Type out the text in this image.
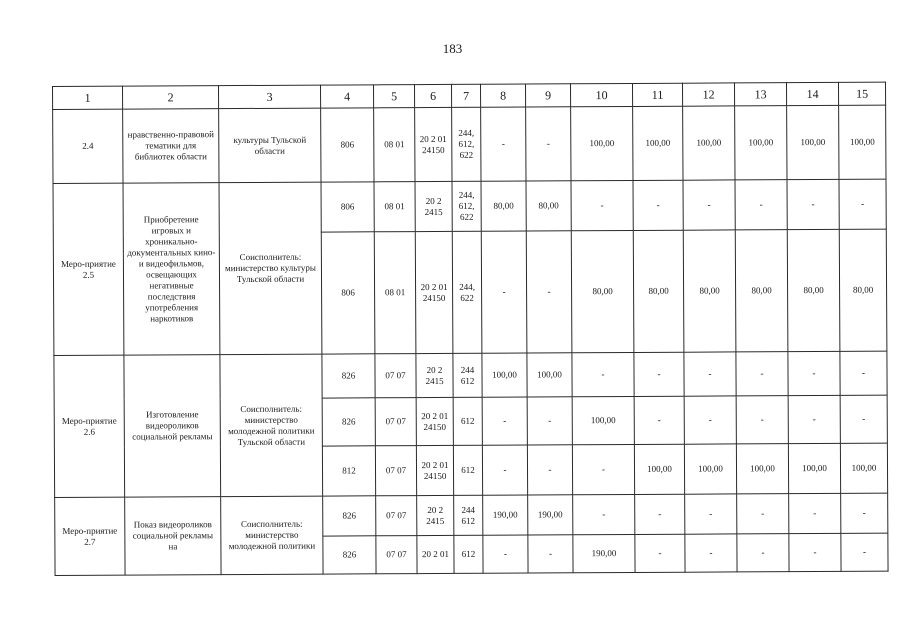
183
1	2	3	4	5	6	7	8	9	10	11	12	13	14	15
2.4	нравственно-правовой тематики для библиотек области	культуры Тульской области	806	08 01	20 2 01 24150	244, 612, 622	-	-	100,00	100,00	100,00	100,00	100,00	100,00
Меро-приятие 2.5	Приобретение игровых и хроникально-документальных кино- и видеофильмов, освещающих негативные последствия употребления наркотиков	Соисполнитель: министерство культуры Тульской области	806	08 01	20 2 2415	244, 612, 622	80,00	80,00	-	-	-	-	-	-
			806	08 01	20 2 01 24150	244, 622	-	-	80,00	80,00	80,00	80,00	80,00	80,00
Меро-приятие 2.6	Изготовление видеороликов социальной рекламы	Соисполнитель: министерство молодежной политики Тульской области	826	07 07	20 2 2415	244 612	100,00	100,00	-	-	-	-	-	-
			826	07 07	20 2 01 24150	612	-	-	100,00	-	-	-	-	-
			812	07 07	20 2 01 24150	612	-	-	-	100,00	100,00	100,00	100,00	100,00
Меро-приятие 2.7	Показ видеороликов социальной рекламы на	Соисполнитель: министерство молодежной политики	826	07 07	20 2 2415	244 612	190,00	190,00	-	-	-	-	-	-
			826	07 07	20 2 01	612	-	-	190,00	-	-	-	-	-
